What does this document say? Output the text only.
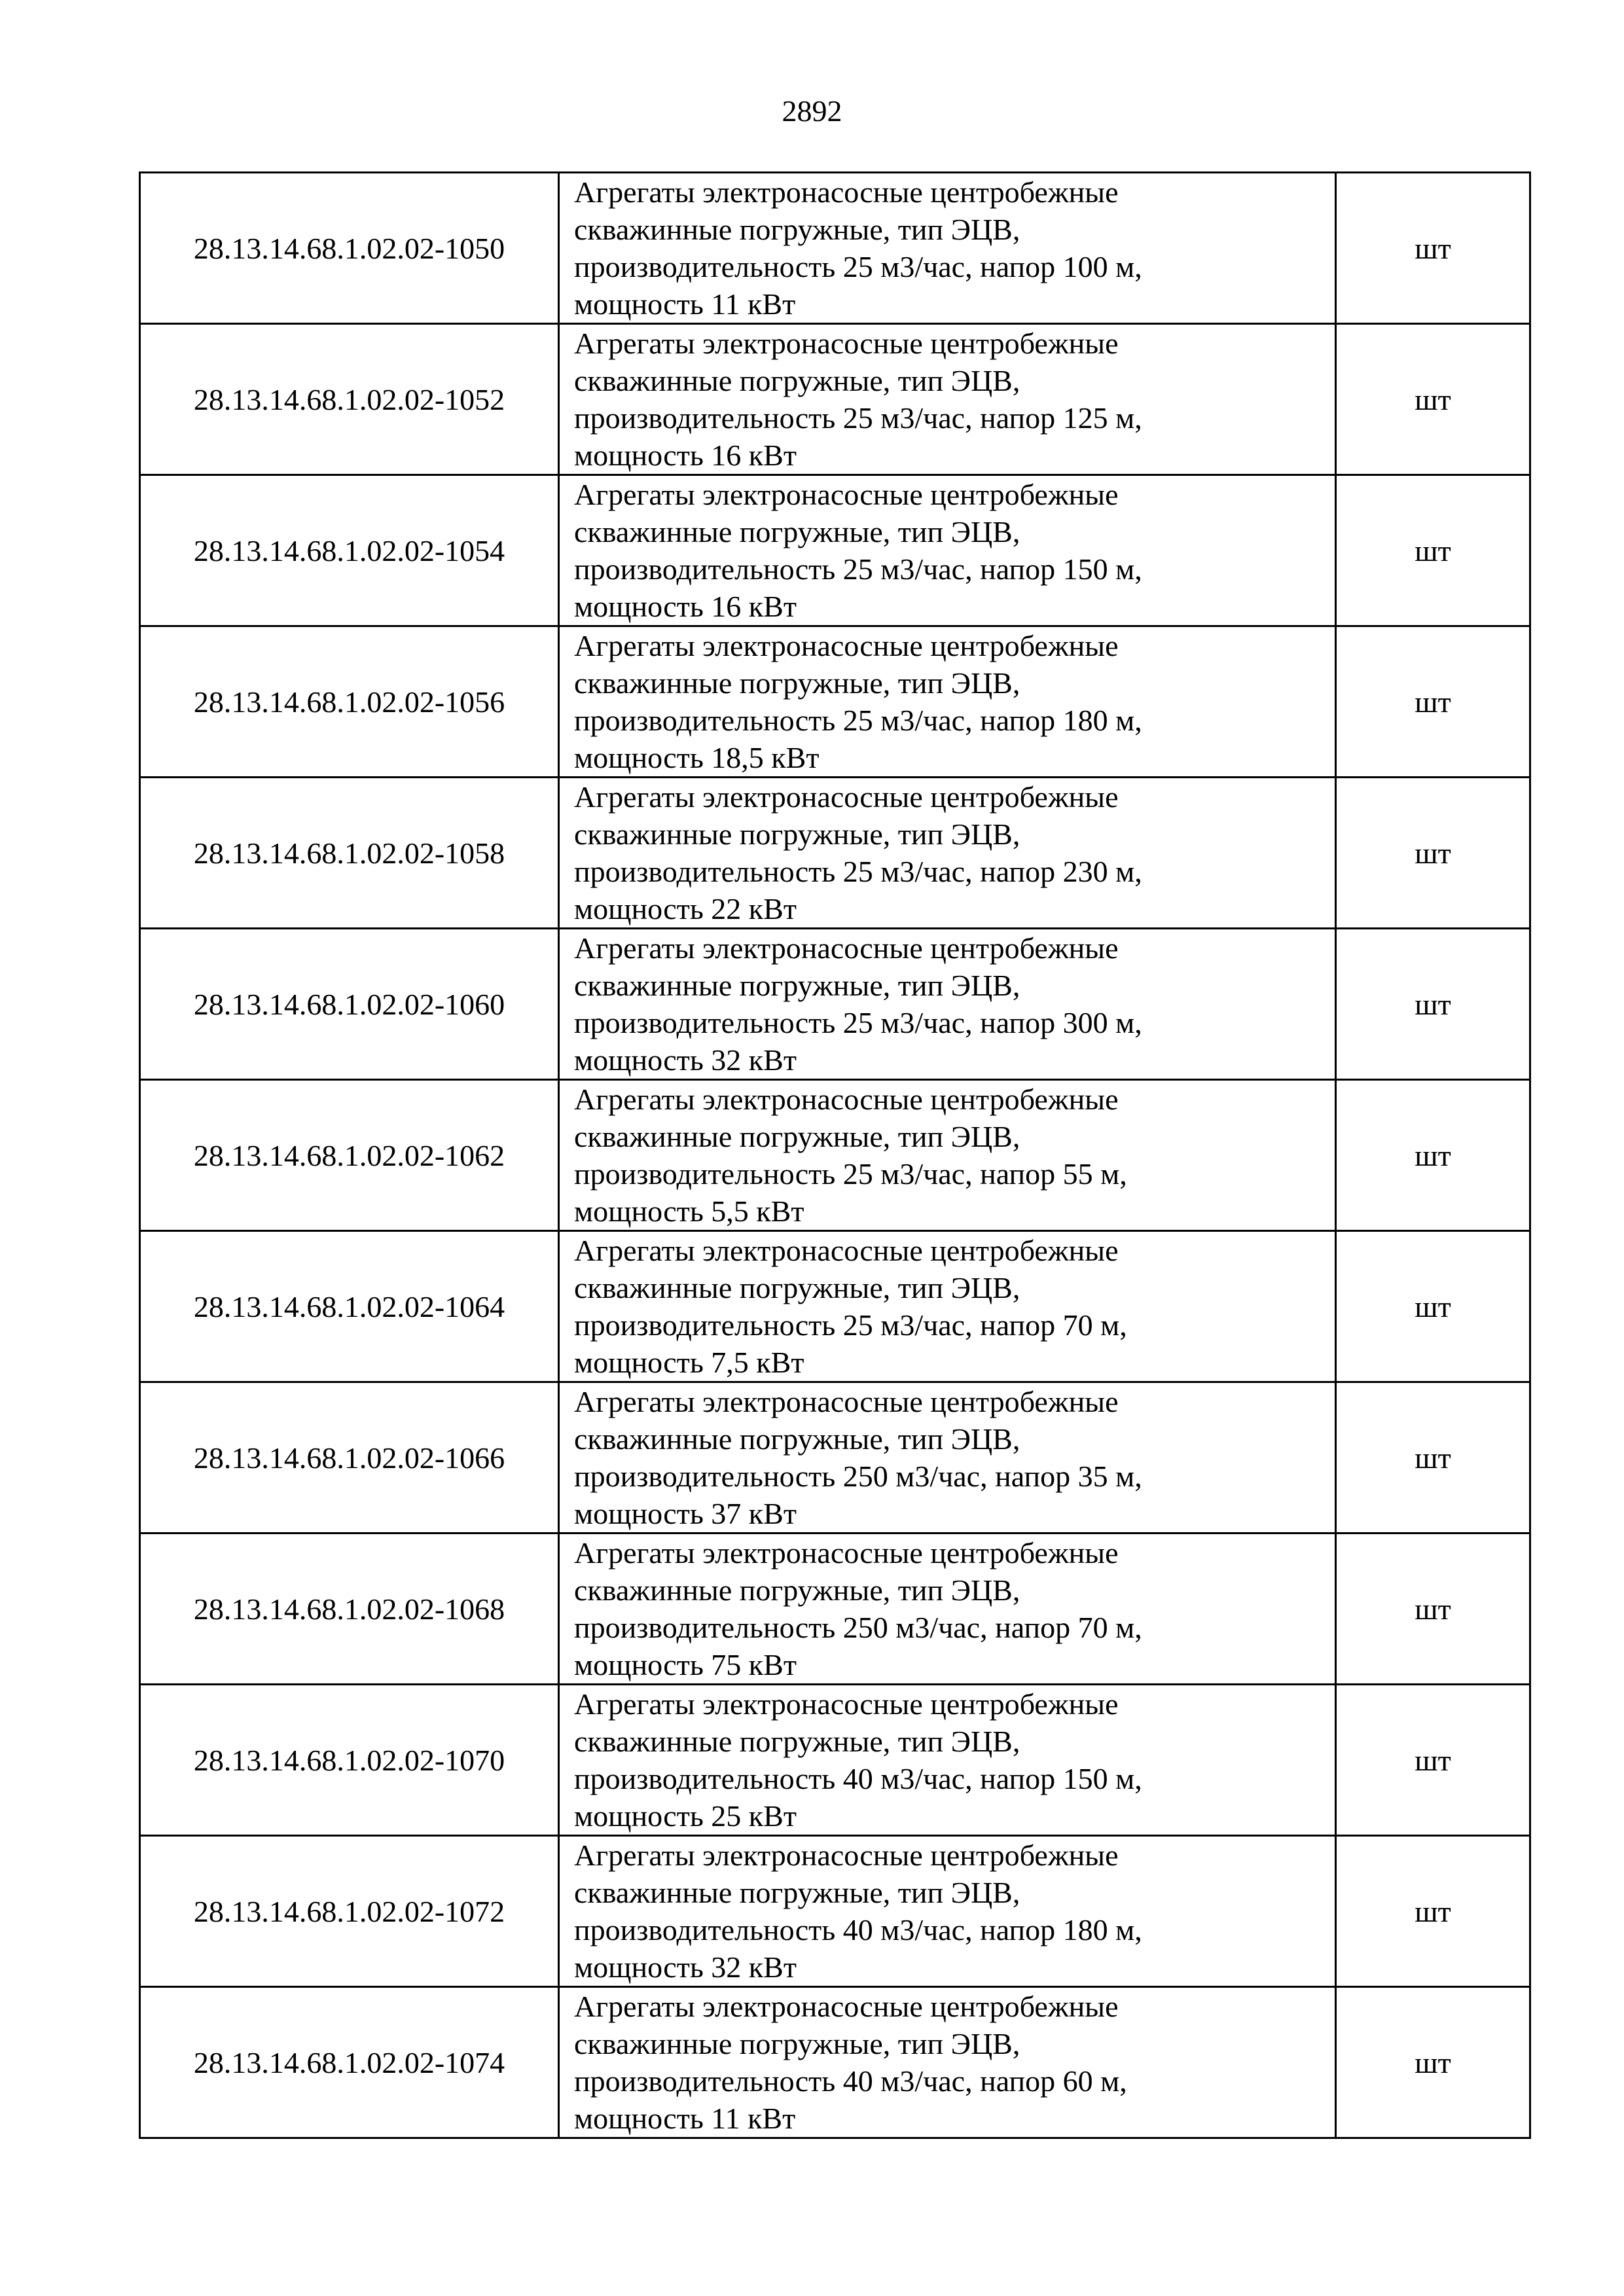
2892
28.13.14.68.1.02.02-1050	Агрегаты электронасосные центробежные
скважинные погружные, тип ЭЦВ,
производительность 25 м3/час, напор 100 м,
мощность 11 кВт	шт
28.13.14.68.1.02.02-1052	Агрегаты электронасосные центробежные
скважинные погружные, тип ЭЦВ,
производительность 25 м3/час, напор 125 м,
мощность 16 кВт	шт
28.13.14.68.1.02.02-1054	Агрегаты электронасосные центробежные
скважинные погружные, тип ЭЦВ,
производительность 25 м3/час, напор 150 м,
мощность 16 кВт	шт
28.13.14.68.1.02.02-1056	Агрегаты электронасосные центробежные
скважинные погружные, тип ЭЦВ,
производительность 25 м3/час, напор 180 м,
мощность 18,5 кВт	шт
28.13.14.68.1.02.02-1058	Агрегаты электронасосные центробежные
скважинные погружные, тип ЭЦВ,
производительность 25 м3/час, напор 230 м,
мощность 22 кВт	шт
28.13.14.68.1.02.02-1060	Агрегаты электронасосные центробежные
скважинные погружные, тип ЭЦВ,
производительность 25 м3/час, напор 300 м,
мощность 32 кВт	шт
28.13.14.68.1.02.02-1062	Агрегаты электронасосные центробежные
скважинные погружные, тип ЭЦВ,
производительность 25 м3/час, напор 55 м,
мощность 5,5 кВт	шт
28.13.14.68.1.02.02-1064	Агрегаты электронасосные центробежные
скважинные погружные, тип ЭЦВ,
производительность 25 м3/час, напор 70 м,
мощность 7,5 кВт	шт
28.13.14.68.1.02.02-1066	Агрегаты электронасосные центробежные
скважинные погружные, тип ЭЦВ,
производительность 250 м3/час, напор 35 м,
мощность 37 кВт	шт
28.13.14.68.1.02.02-1068	Агрегаты электронасосные центробежные
скважинные погружные, тип ЭЦВ,
производительность 250 м3/час, напор 70 м,
мощность 75 кВт	шт
28.13.14.68.1.02.02-1070	Агрегаты электронасосные центробежные
скважинные погружные, тип ЭЦВ,
производительность 40 м3/час, напор 150 м,
мощность 25 кВт	шт
28.13.14.68.1.02.02-1072	Агрегаты электронасосные центробежные
скважинные погружные, тип ЭЦВ,
производительность 40 м3/час, напор 180 м,
мощность 32 кВт	шт
28.13.14.68.1.02.02-1074	Агрегаты электронасосные центробежные
скважинные погружные, тип ЭЦВ,
производительность 40 м3/час, напор 60 м,
мощность 11 кВт	шт
